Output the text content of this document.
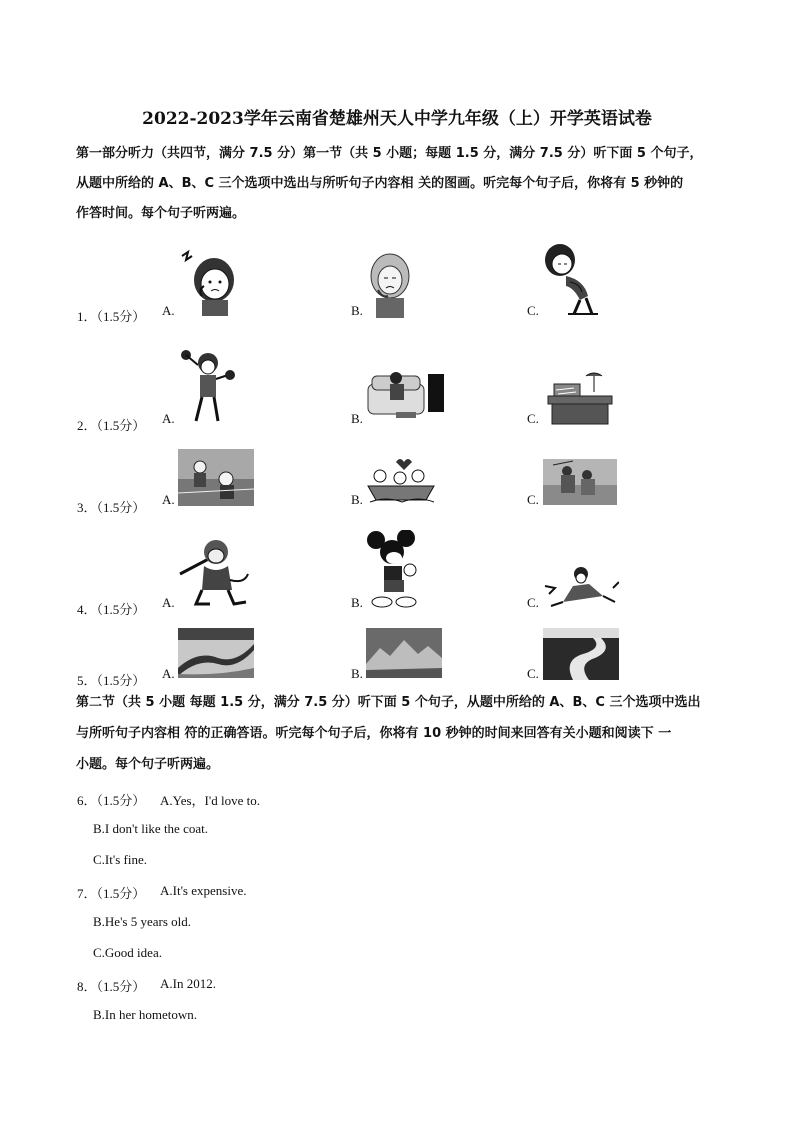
2022-2023学年云南省楚雄州天人中学九年级（上）开学英语试卷

第一部分听力（共四节，满分 7.5 分）第一节（共 5 小题；每题 1.5 分，满分 7.5 分）听下面 5 个句子，

从题中所给的 A、B、C 三个选项中选出与所听句子内容相 关的图画。听完每个句子后，你将有 5 秒钟的

作答时间。每个句子听两遍。

1．（1.5分） A.	B.	C.
2．（1.5分） A.	B.	C.
3．（1.5分）
A.	B.	C.
4．（1.5分） A.	B.	C.
5．（1.5分） A.	B.	C.

第二节（共 5 小题 每题 1.5 分，满分 7.5 分）听下面 5 个句子，从题中所给的 A、B、C 三个选项中选出

与所听句子内容相 符的正确答语。听完每个句子后，你将有 10 秒钟的时间来回答有关小题和阅读下 一

小题。每个句子听两遍。

6．（1.5分） A.Yes，I'd love to.
B.I don't like the coat.
C.It's fine.
7．（1.5分） A.It's expensive.
B.He's 5 years old.
C.Good idea.
8．（1.5分） A.In 2012.
B.In her hometown.
